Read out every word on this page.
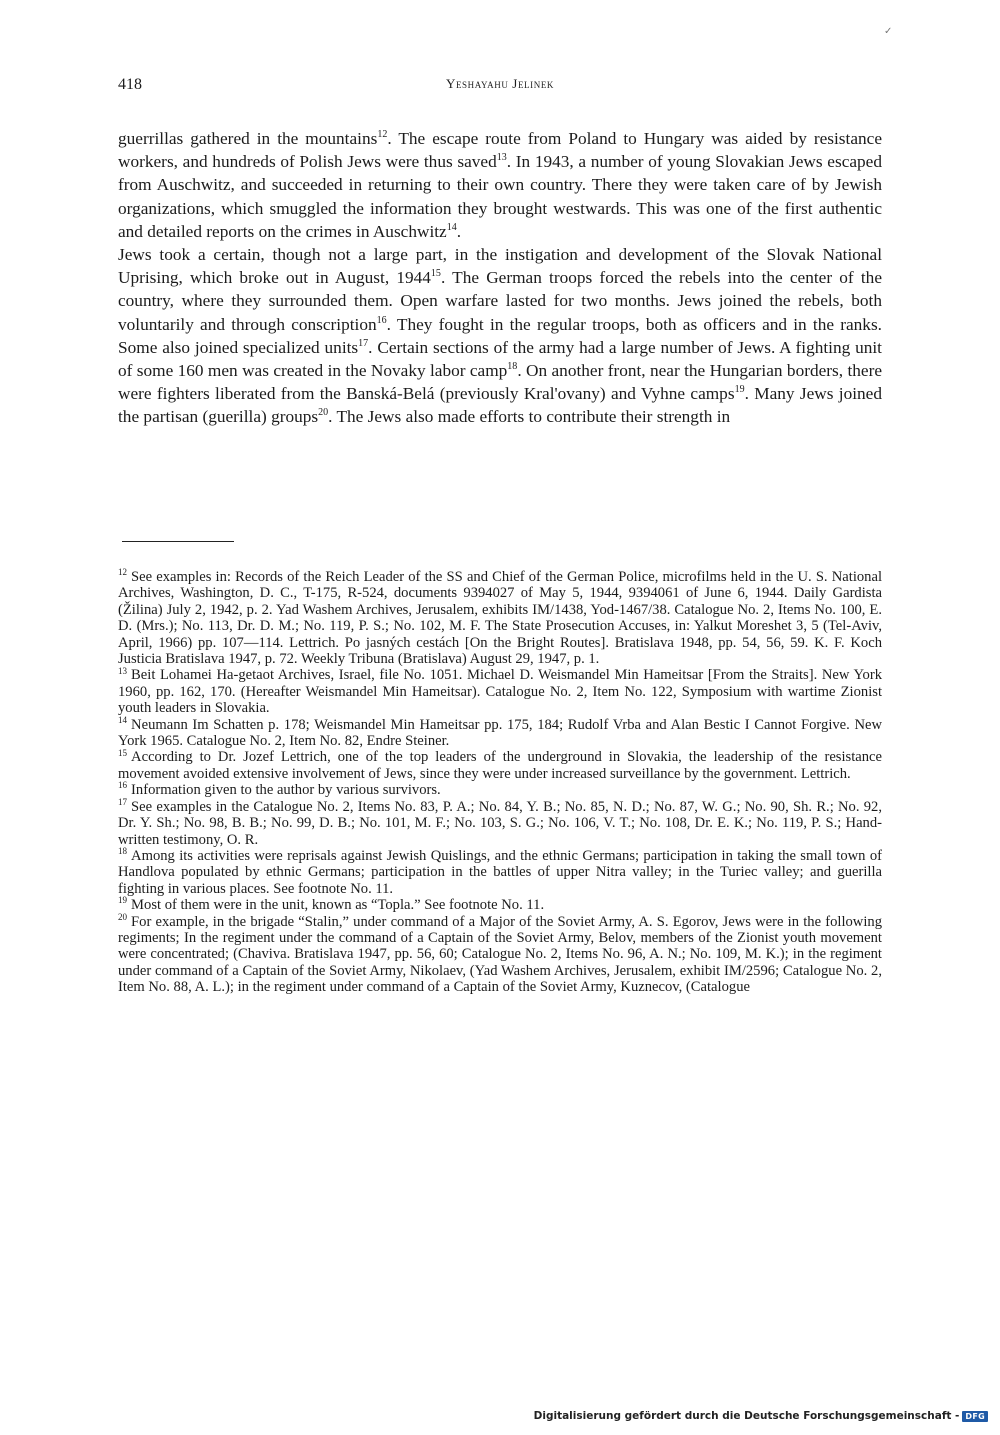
418	Yeshayahu Jelinek
✓

guerrillas gathered in the mountains$^{12}$. The escape route from Poland to Hungary was aided by resistance workers, and hundreds of Polish Jews were thus saved$^{13}$. In 1943, a number of young Slovakian Jews escaped from Auschwitz, and succeeded in returning to their own country. There they were taken care of by Jewish organizations, which smuggled the information they brought westwards. This was one of the first authentic and detailed reports on the crimes in Auschwitz$^{14}$.

Jews took a certain, though not a large part, in the instigation and development of the Slovak National Uprising, which broke out in August, 1944$^{15}$. The German troops forced the rebels into the center of the country, where they surrounded them. Open warfare lasted for two months. Jews joined the rebels, both voluntarily and through conscription$^{16}$. They fought in the regular troops, both as officers and in the ranks. Some also joined specialized units$^{17}$. Certain sections of the army had a large number of Jews. A fighting unit of some 160 men was created in the Novaky labor camp$^{18}$. On another front, near the Hungarian borders, there were fighters liberated from the Banská-Belá (previously Kral'ovany) and Vyhne camps$^{19}$. Many Jews joined the partisan (guerilla) groups$^{20}$. The Jews also made efforts to contribute their strength in

$^{12}$ See examples in: Records of the Reich Leader of the SS and Chief of the German Police, microfilms held in the U. S. National Archives, Washington, D. C., T-175, R-524, documents 9394027 of May 5, 1944, 9394061 of June 6, 1944. Daily Gardista (Žilina) July 2, 1942, p. 2. Yad Washem Archives, Jerusalem, exhibits IM/1438, Yod-1467/38. Catalogue No. 2, Items No. 100, E. D. (Mrs.); No. 113, Dr. D. M.; No. 119, P. S.; No. 102, M. F. The State Prosecution Accuses, in: Yalkut Moreshet 3, 5 (Tel-Aviv, April, 1966) pp. 107—114. Lettrich. Po jasných cestách [On the Bright Routes]. Bratislava 1948, pp. 54, 56, 59. K. F. Koch Justicia Bratislava 1947, p. 72. Weekly Tribuna (Bratislava) August 29, 1947, p. 1.

$^{13}$ Beit Lohamei Ha-getaot Archives, Israel, file No. 1051. Michael D. Weismandel Min Hameitsar [From the Straits]. New York 1960, pp. 162, 170. (Hereafter Weismandel Min Hameitsar). Catalogue No. 2, Item No. 122, Symposium with wartime Zionist youth leaders in Slovakia.

$^{14}$ Neumann Im Schatten p. 178; Weismandel Min Hameitsar pp. 175, 184; Rudolf Vrba and Alan Bestic I Cannot Forgive. New York 1965. Catalogue No. 2, Item No. 82, Endre Steiner.

$^{15}$ According to Dr. Jozef Lettrich, one of the top leaders of the underground in Slovakia, the leadership of the resistance movement avoided extensive involvement of Jews, since they were under increased surveillance by the government. Lettrich.

$^{16}$ Information given to the author by various survivors.

$^{17}$ See examples in the Catalogue No. 2, Items No. 83, P. A.; No. 84, Y. B.; No. 85, N. D.; No. 87, W. G.; No. 90, Sh. R.; No. 92, Dr. Y. Sh.; No. 98, B. B.; No. 99, D. B.; No. 101, M. F.; No. 103, S. G.; No. 106, V. T.; No. 108, Dr. E. K.; No. 119, P. S.; Hand-written testimony, O. R.

$^{18}$ Among its activities were reprisals against Jewish Quislings, and the ethnic Germans; participation in taking the small town of Handlova populated by ethnic Germans; participation in the battles of upper Nitra valley; in the Turiec valley; and guerilla fighting in various places. See footnote No. 11.

$^{19}$ Most of them were in the unit, known as “Topla.” See footnote No. 11.

$^{20}$ For example, in the brigade “Stalin,” under command of a Major of the Soviet Army, A. S. Egorov, Jews were in the following regiments; In the regiment under the command of a Captain of the Soviet Army, Belov, members of the Zionist youth movement were concentrated; (Chaviva. Bratislava 1947, pp. 56, 60; Catalogue No. 2, Items No. 96, A. N.; No. 109, M. K.); in the regiment under command of a Captain of the Soviet Army, Nikolaev, (Yad Washem Archives, Jerusalem, exhibit IM/2596; Catalogue No. 2, Item No. 88, A. L.); in the regiment under command of a Captain of the Soviet Army, Kuznecov, (Catalogue

Digitalisierung gefördert durch die Deutsche Forschungsgemeinschaft - DFG
